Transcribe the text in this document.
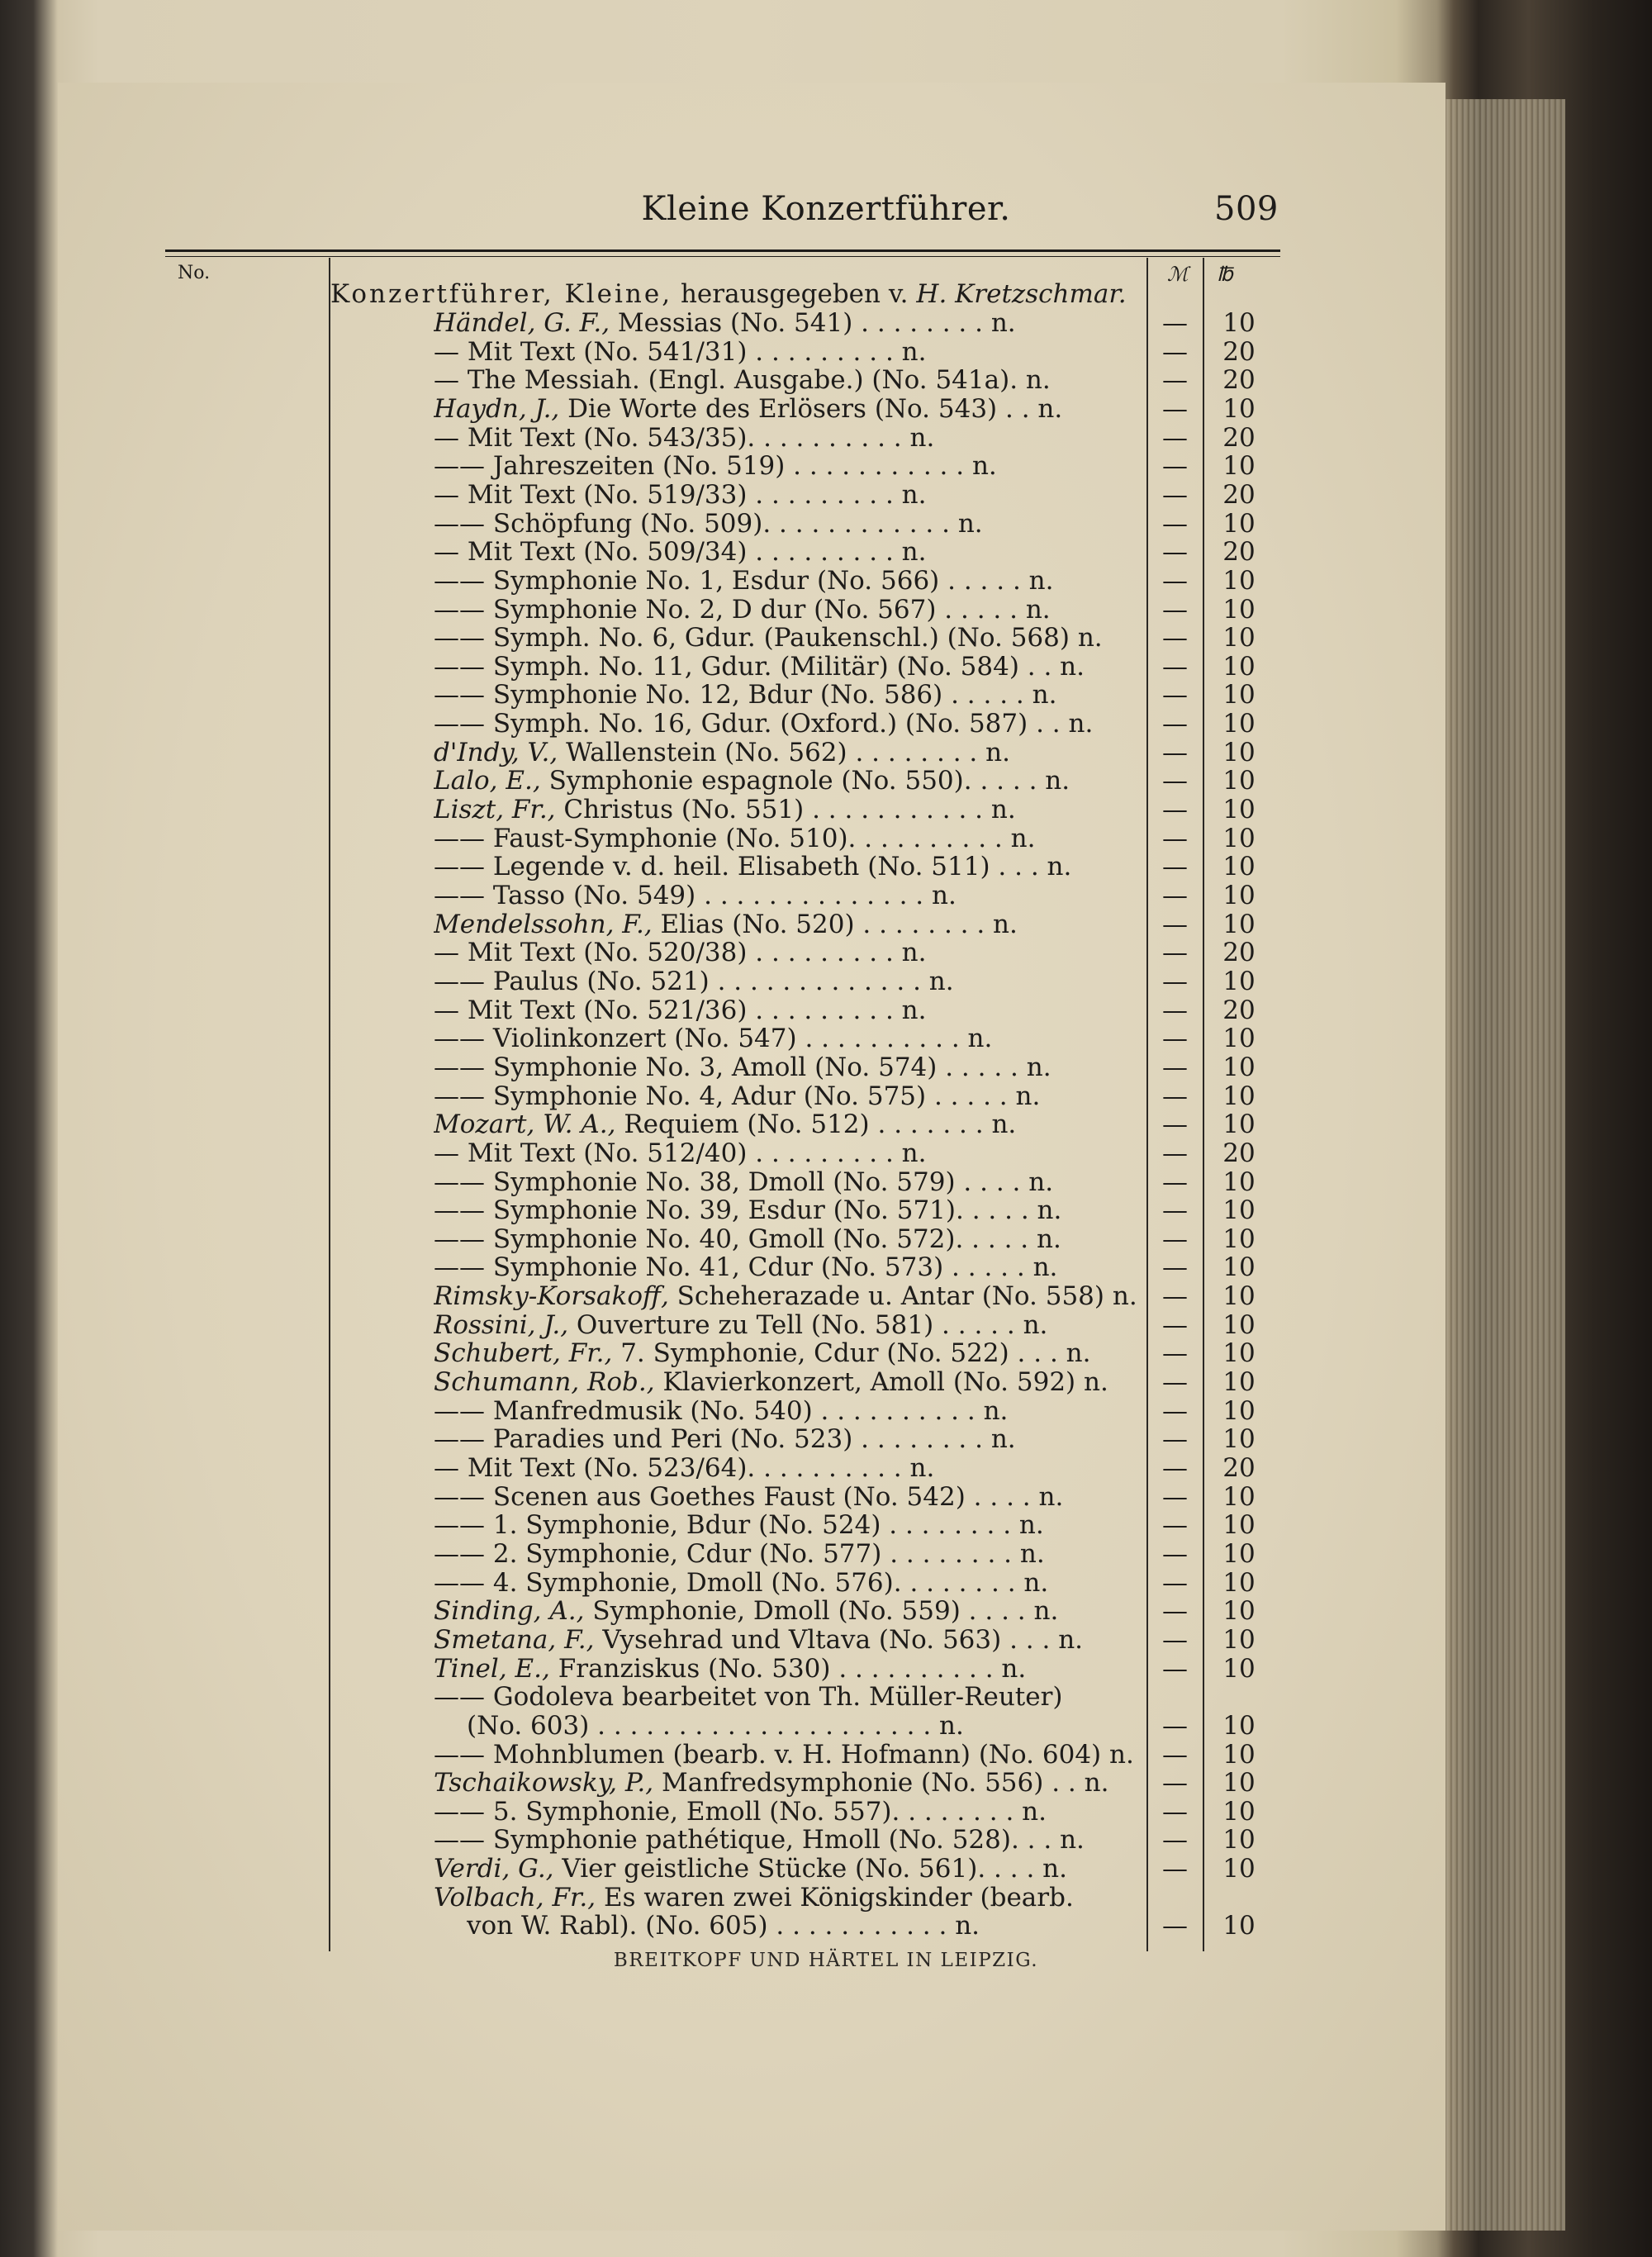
Kleine Konzertführer.	509
No.	ℳ ℔
Konzertführer, Kleine, herausgegeben v. H. Kretzschmar.
Händel, G. F., Messias (No. 541) . . . . . . . . n.	—	10
— Mit Text (No. 541/31) . . . . . . . . . n.	—	20
— The Messiah. (Engl. Ausgabe.) (No. 541a). n.	—	20
Haydn, J., Die Worte des Erlösers (No. 543) . . n.	—	10
— Mit Text (No. 543/35). . . . . . . . . . n.	—	20
—— Jahreszeiten (No. 519) . . . . . . . . . . . n.	—	10
— Mit Text (No. 519/33) . . . . . . . . . n.	—	20
—— Schöpfung (No. 509). . . . . . . . . . . . n.	—	10
— Mit Text (No. 509/34) . . . . . . . . . n.	—	20
—— Symphonie No. 1, Esdur (No. 566) . . . . . n.	—	10
—— Symphonie No. 2, D dur (No. 567) . . . . . n.	—	10
—— Symph. No. 6, Gdur. (Paukenschl.) (No. 568) n.	—	10
—— Symph. No. 11, Gdur. (Militär) (No. 584) . . n.	—	10
—— Symphonie No. 12, Bdur (No. 586) . . . . . n.	—	10
—— Symph. No. 16, Gdur. (Oxford.) (No. 587) . . n.	—	10
d'Indy, V., Wallenstein (No. 562) . . . . . . . . n.	—	10
Lalo, E., Symphonie espagnole (No. 550). . . . . n.	—	10
Liszt, Fr., Christus (No. 551) . . . . . . . . . . . n.	—	10
—— Faust-Symphonie (No. 510). . . . . . . . . . n.	—	10
—— Legende v. d. heil. Elisabeth (No. 511) . . . n.	—	10
—— Tasso (No. 549) . . . . . . . . . . . . . . n.	—	10
Mendelssohn, F., Elias (No. 520) . . . . . . . . n.	—	10
— Mit Text (No. 520/38) . . . . . . . . . n.	—	20
—— Paulus (No. 521) . . . . . . . . . . . . . n.	—	10
— Mit Text (No. 521/36) . . . . . . . . . n.	—	20
—— Violinkonzert (No. 547) . . . . . . . . . . n.	—	10
—— Symphonie No. 3, Amoll (No. 574) . . . . . n.	—	10
—— Symphonie No. 4, Adur (No. 575) . . . . . n.	—	10
Mozart, W. A., Requiem (No. 512) . . . . . . . n.	—	10
— Mit Text (No. 512/40) . . . . . . . . . n.	—	20
—— Symphonie No. 38, Dmoll (No. 579) . . . . n.	—	10
—— Symphonie No. 39, Esdur (No. 571). . . . . n.	—	10
—— Symphonie No. 40, Gmoll (No. 572). . . . . n.	—	10
—— Symphonie No. 41, Cdur (No. 573) . . . . . n.	—	10
Rimsky-Korsakoff, Scheherazade u. Antar (No. 558) n. —	10
Rossini, J., Ouverture zu Tell (No. 581) . . . . . n.	—	10
Schubert, Fr., 7. Symphonie, Cdur (No. 522) . . . n.	—	10
Schumann, Rob., Klavierkonzert, Amoll (No. 592) n.	—	10
—— Manfredmusik (No. 540) . . . . . . . . . . n.	—	10
—— Paradies und Peri (No. 523) . . . . . . . . n.	—	10
— Mit Text (No. 523/64). . . . . . . . . . n.	—	20
—— Scenen aus Goethes Faust (No. 542) . . . . n.	—	10
—— 1. Symphonie, Bdur (No. 524) . . . . . . . . n.	—	10
—— 2. Symphonie, Cdur (No. 577) . . . . . . . . n.	—	10
—— 4. Symphonie, Dmoll (No. 576). . . . . . . . n.	—	10
Sinding, A., Symphonie, Dmoll (No. 559) . . . . n.	—	10
Smetana, F., Vysehrad und Vltava (No. 563) . . . n.	—	10
Tinel, E., Franziskus (No. 530) . . . . . . . . . . n.	—	10
—— Godoleva bearbeitet von Th. Müller-Reuter)
(No. 603) . . . . . . . . . . . . . . . . . . . . . n.	—	10
—— Mohnblumen (bearb. v. H. Hofmann) (No. 604) n.	—	10
Tschaikowsky, P., Manfredsymphonie (No. 556) . . n.	—	10
—— 5. Symphonie, Emoll (No. 557). . . . . . . . n.	—	10
—— Symphonie pathétique, Hmoll (No. 528). . . n.	—	10
Verdi, G., Vier geistliche Stücke (No. 561). . . . n.	—	10
Volbach, Fr., Es waren zwei Königskinder (bearb.
von W. Rabl). (No. 605) . . . . . . . . . . . n.	—	10
BREITKOPF UND HÄRTEL IN LEIPZIG.
